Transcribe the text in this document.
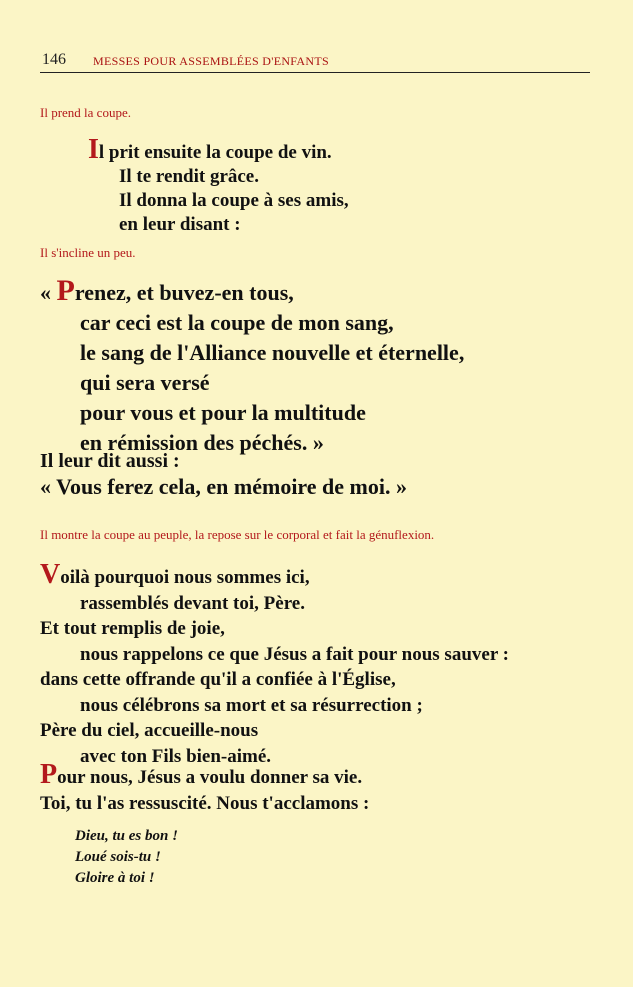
146 MESSES POUR ASSEMBLÉES D'ENFANTS
Il prend la coupe.
Il prit ensuite la coupe de vin.
Il te rendit grâce.
Il donna la coupe à ses amis,
en leur disant :
Il s'incline un peu.
« Prenez, et buvez-en tous,
car ceci est la coupe de mon sang,
le sang de l'Alliance nouvelle et éternelle,
qui sera versé
pour vous et pour la multitude
en rémission des péchés. »
Il leur dit aussi :
« Vous ferez cela, en mémoire de moi. »
Il montre la coupe au peuple, la repose sur le corporal et fait la génuflexion.
Voilà pourquoi nous sommes ici,
rassemblés devant toi, Père.
Et tout remplis de joie,
nous rappelons ce que Jésus a fait pour nous sauver :
dans cette offrande qu'il a confiée à l'Église,
nous célébrons sa mort et sa résurrection ;
Père du ciel, accueille-nous
avec ton Fils bien-aimé.
Pour nous, Jésus a voulu donner sa vie.
Toi, tu l'as ressuscité. Nous t'acclamons :
Dieu, tu es bon !
Loué sois-tu !
Gloire à toi !
